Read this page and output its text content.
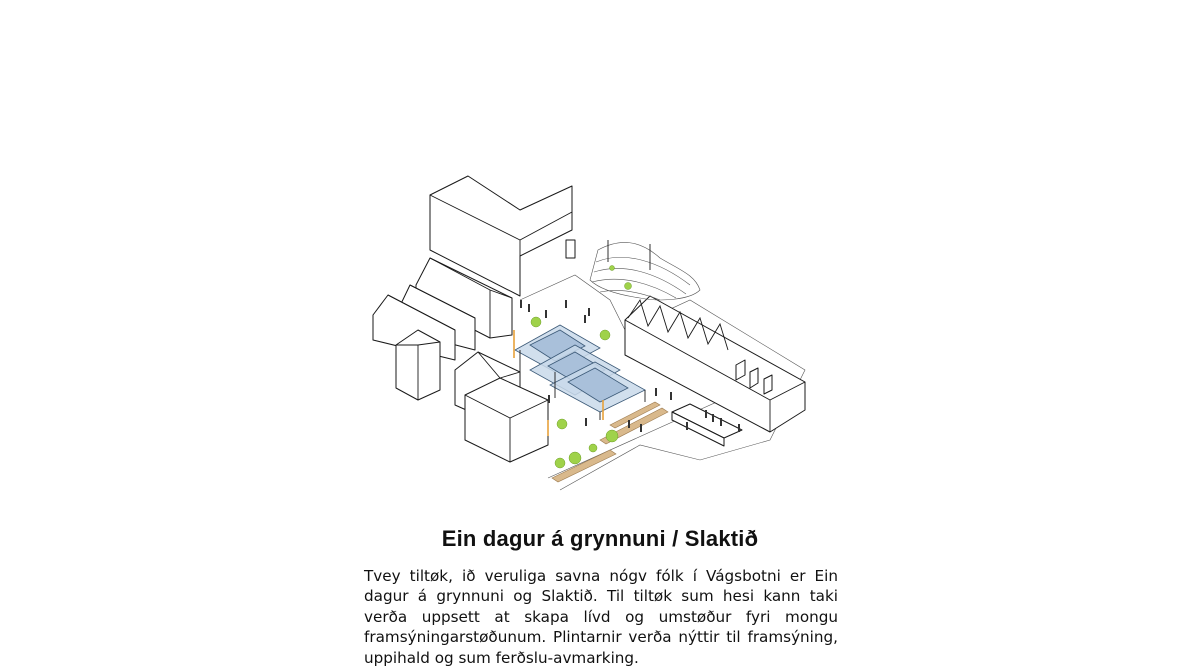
Ein dagur á grynnuni / Slaktið

Tvey tiltøk, ið veruliga savna nógv fólk í Vágsbotni er Ein dagur á grynnuni og Slaktið. Til tiltøk sum hesi kann taki verða uppsett at skapa lívd og umstøður fyri mongu framsýningarstøðunum. Plintarnir verða nýttir til framsýning, uppihald og sum ferðslu-avmarking.
